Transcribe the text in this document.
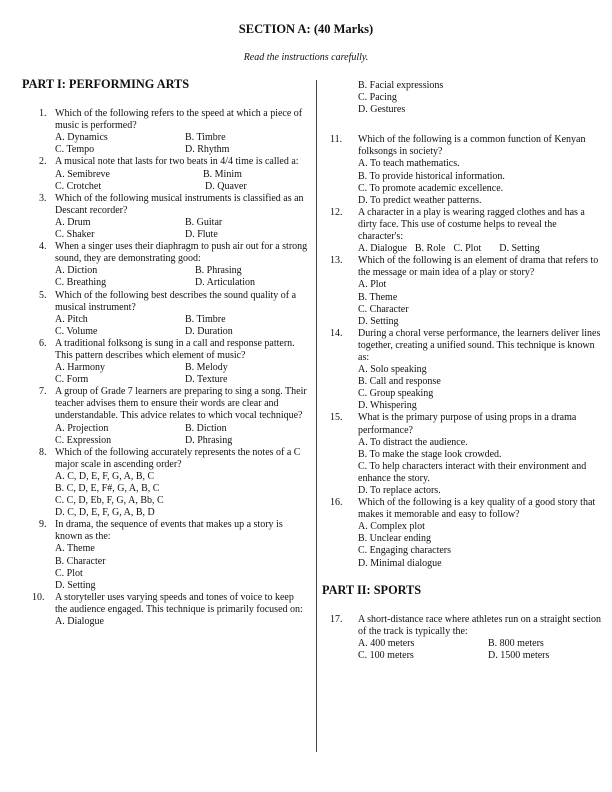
SECTION A: (40 Marks)
Read the instructions carefully.
PART I: PERFORMING ARTS
1. Which of the following refers to the speed at which a piece of music is performed?
A. Dynamics	B. Timbre
C. Tempo	D. Rhythm
2. A musical note that lasts for two beats in 4/4 time is called a:
A. Semibreve	B. Minim
C. Crotchet	D. Quaver
3. Which of the following musical instruments is classified as an Descant recorder?
A. Drum	B. Guitar
C. Shaker	D. Flute
4. When a singer uses their diaphragm to push air out for a strong sound, they are demonstrating good:
A. Diction	B. Phrasing
C. Breathing	D. Articulation
5. Which of the following best describes the sound quality of a musical instrument?
A. Pitch	B. Timbre
C. Volume	D. Duration
6. A traditional folksong is sung in a call and response pattern. This pattern describes which element of music?
A. Harmony	B. Melody
C. Form	D. Texture
7. A group of Grade 7 learners are preparing to sing a song. Their teacher advises them to ensure their words are clear and understandable. This advice relates to which vocal technique?
A. Projection	B. Diction
C. Expression	D. Phrasing
8. Which of the following accurately represents the notes of a C major scale in ascending order?
A. C, D, E, F, G, A, B, C
B. C, D, E, F#, G, A, B, C
C. C, D, Eb, F, G, A, Bb, C
D. C, D, E, F, G, A, B, D
9. In drama, the sequence of events that makes up a story is known as the:
A. Theme
B. Character
C. Plot
D. Setting
10. A storyteller uses varying speeds and tones of voice to keep the audience engaged. This technique is primarily focused on:
A. Dialogue
B. Facial expressions
C. Pacing
D. Gestures
11. Which of the following is a common function of Kenyan folksongs in society?
A. To teach mathematics.
B. To provide historical information.
C. To promote academic excellence.
D. To predict weather patterns.
12. A character in a play is wearing ragged clothes and has a dirty face. This use of costume helps to reveal the character's:
A. Dialogue B. Role C. Plot D. Setting
13. Which of the following is an element of drama that refers to the message or main idea of a play or story?
A. Plot
B. Theme
C. Character
D. Setting
14. During a choral verse performance, the learners deliver lines together, creating a unified sound. This technique is known as:
A. Solo speaking
B. Call and response
C. Group speaking
D. Whispering
15. What is the primary purpose of using props in a drama performance?
A. To distract the audience.
B. To make the stage look crowded.
C. To help characters interact with their environment and enhance the story.
D. To replace actors.
16. Which of the following is a key quality of a good story that makes it memorable and easy to follow?
A. Complex plot
B. Unclear ending
C. Engaging characters
D. Minimal dialogue
PART II: SPORTS
17. A short-distance race where athletes run on a straight section of the track is typically the:
A. 400 meters	B. 800 meters
C. 100 meters	D. 1500 meters
